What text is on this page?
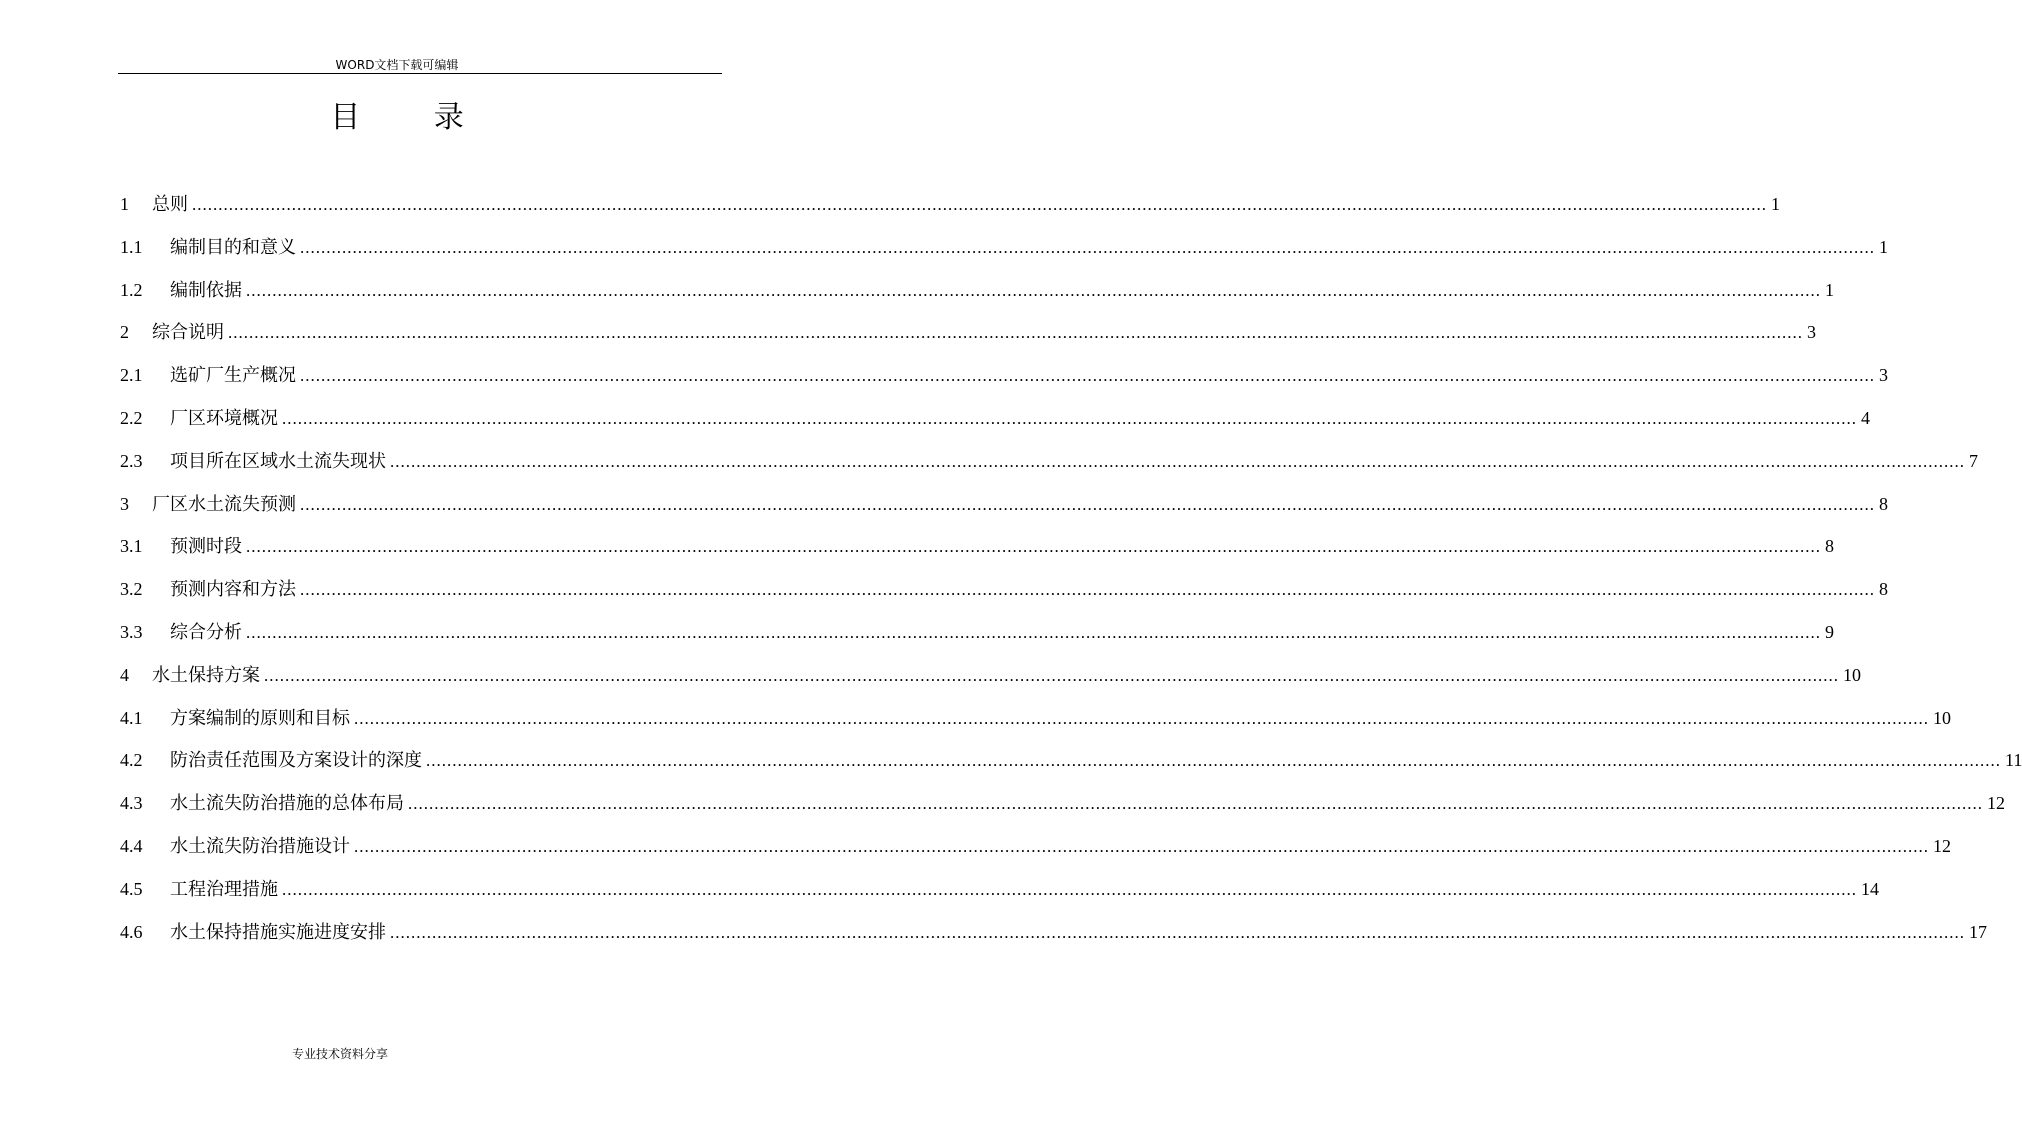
WORD文档下载可编辑
目 录
1	总则 ............................................................................................................................................................................................................................................................................................................ 1
1.1	编制目的和意义 ............................................................................................................................................................................................................................................................................................................ 1
1.2	编制依据 ............................................................................................................................................................................................................................................................................................................ 1
2	综合说明 ............................................................................................................................................................................................................................................................................................................ 3
2.1	选矿厂生产概况 ............................................................................................................................................................................................................................................................................................................ 3
2.2	厂区环境概况 ............................................................................................................................................................................................................................................................................................................ 4
2.3	项目所在区域水土流失现状 ............................................................................................................................................................................................................................................................................................................ 7
3	厂区水土流失预测 ............................................................................................................................................................................................................................................................................................................ 8
3.1	预测时段 ............................................................................................................................................................................................................................................................................................................ 8
3.2	预测内容和方法 ............................................................................................................................................................................................................................................................................................................ 8
3.3	综合分析 ............................................................................................................................................................................................................................................................................................................ 9
4	水土保持方案 ............................................................................................................................................................................................................................................................................................................ 10
4.1	方案编制的原则和目标 ............................................................................................................................................................................................................................................................................................................ 10
4.2	防治责任范围及方案设计的深度 ............................................................................................................................................................................................................................................................................................................ 11
4.3	水土流失防治措施的总体布局 ............................................................................................................................................................................................................................................................................................................ 12
4.4	水土流失防治措施设计 ............................................................................................................................................................................................................................................................................................................ 12
4.5	工程治理措施 ............................................................................................................................................................................................................................................................................................................ 14
4.6	水土保持措施实施进度安排 ............................................................................................................................................................................................................................................................................................................ 17
专业技术资料分享
